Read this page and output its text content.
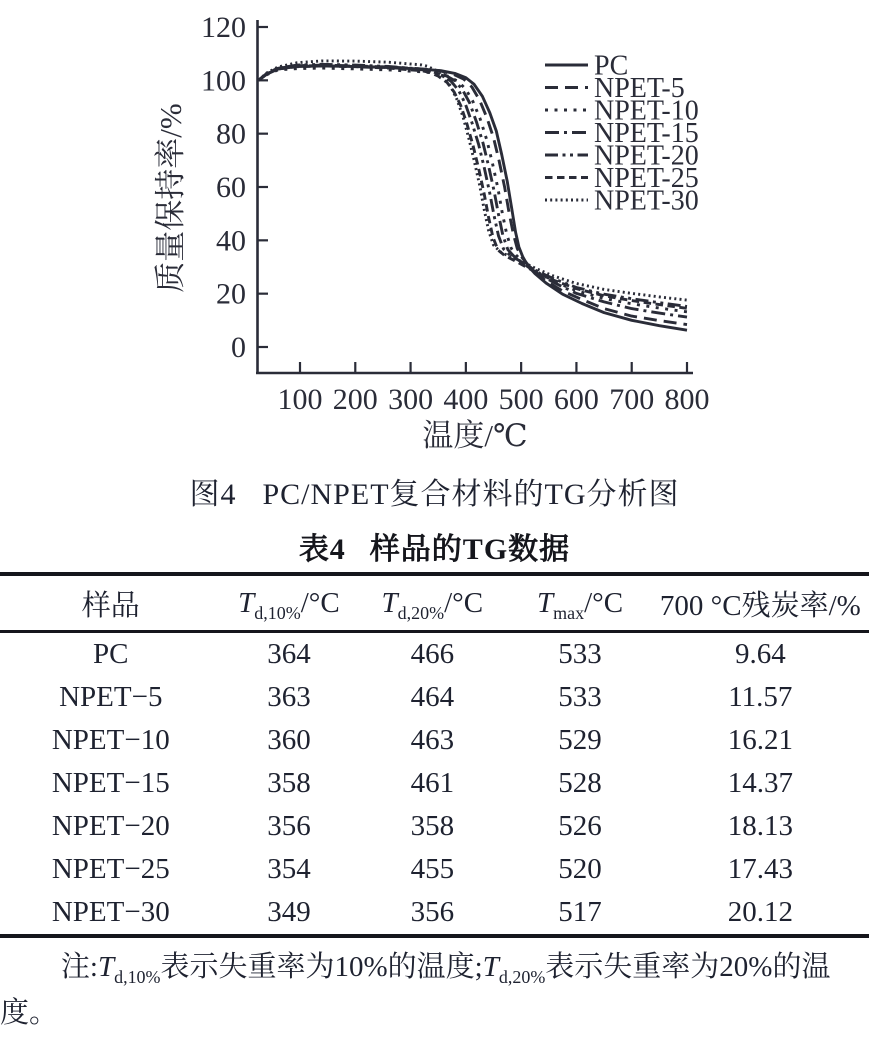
0
20
40
60
80
100
120
100 200 300 400 500 600 700 800
温度/℃
质量保持率/%
PC
NPET-5
NPET-10
NPET-15
NPET-20
NPET-25
NPET-30
图4 PC/NPET复合材料的TG分析图
表4 样品的TG数据
样品	$T_{d,10\%}/^\circ C$	$T_{d,20\%}/^\circ C$	$T_{max}/^\circ C$	700 °C残炭率/%
PC	364	466	533	9.64
NPET−5	363	464	533	11.57
NPET−10	360	463	529	16.21
NPET−15	358	461	528	14.37
NPET−20	356	358	526	18.13
NPET−25	354	455	520	17.43
NPET−30	349	356	517	20.12
注$:T_{d,10\%}$表示失重率为10%的温度$;T_{d,20\%}$表示失重率为20%的温度。
